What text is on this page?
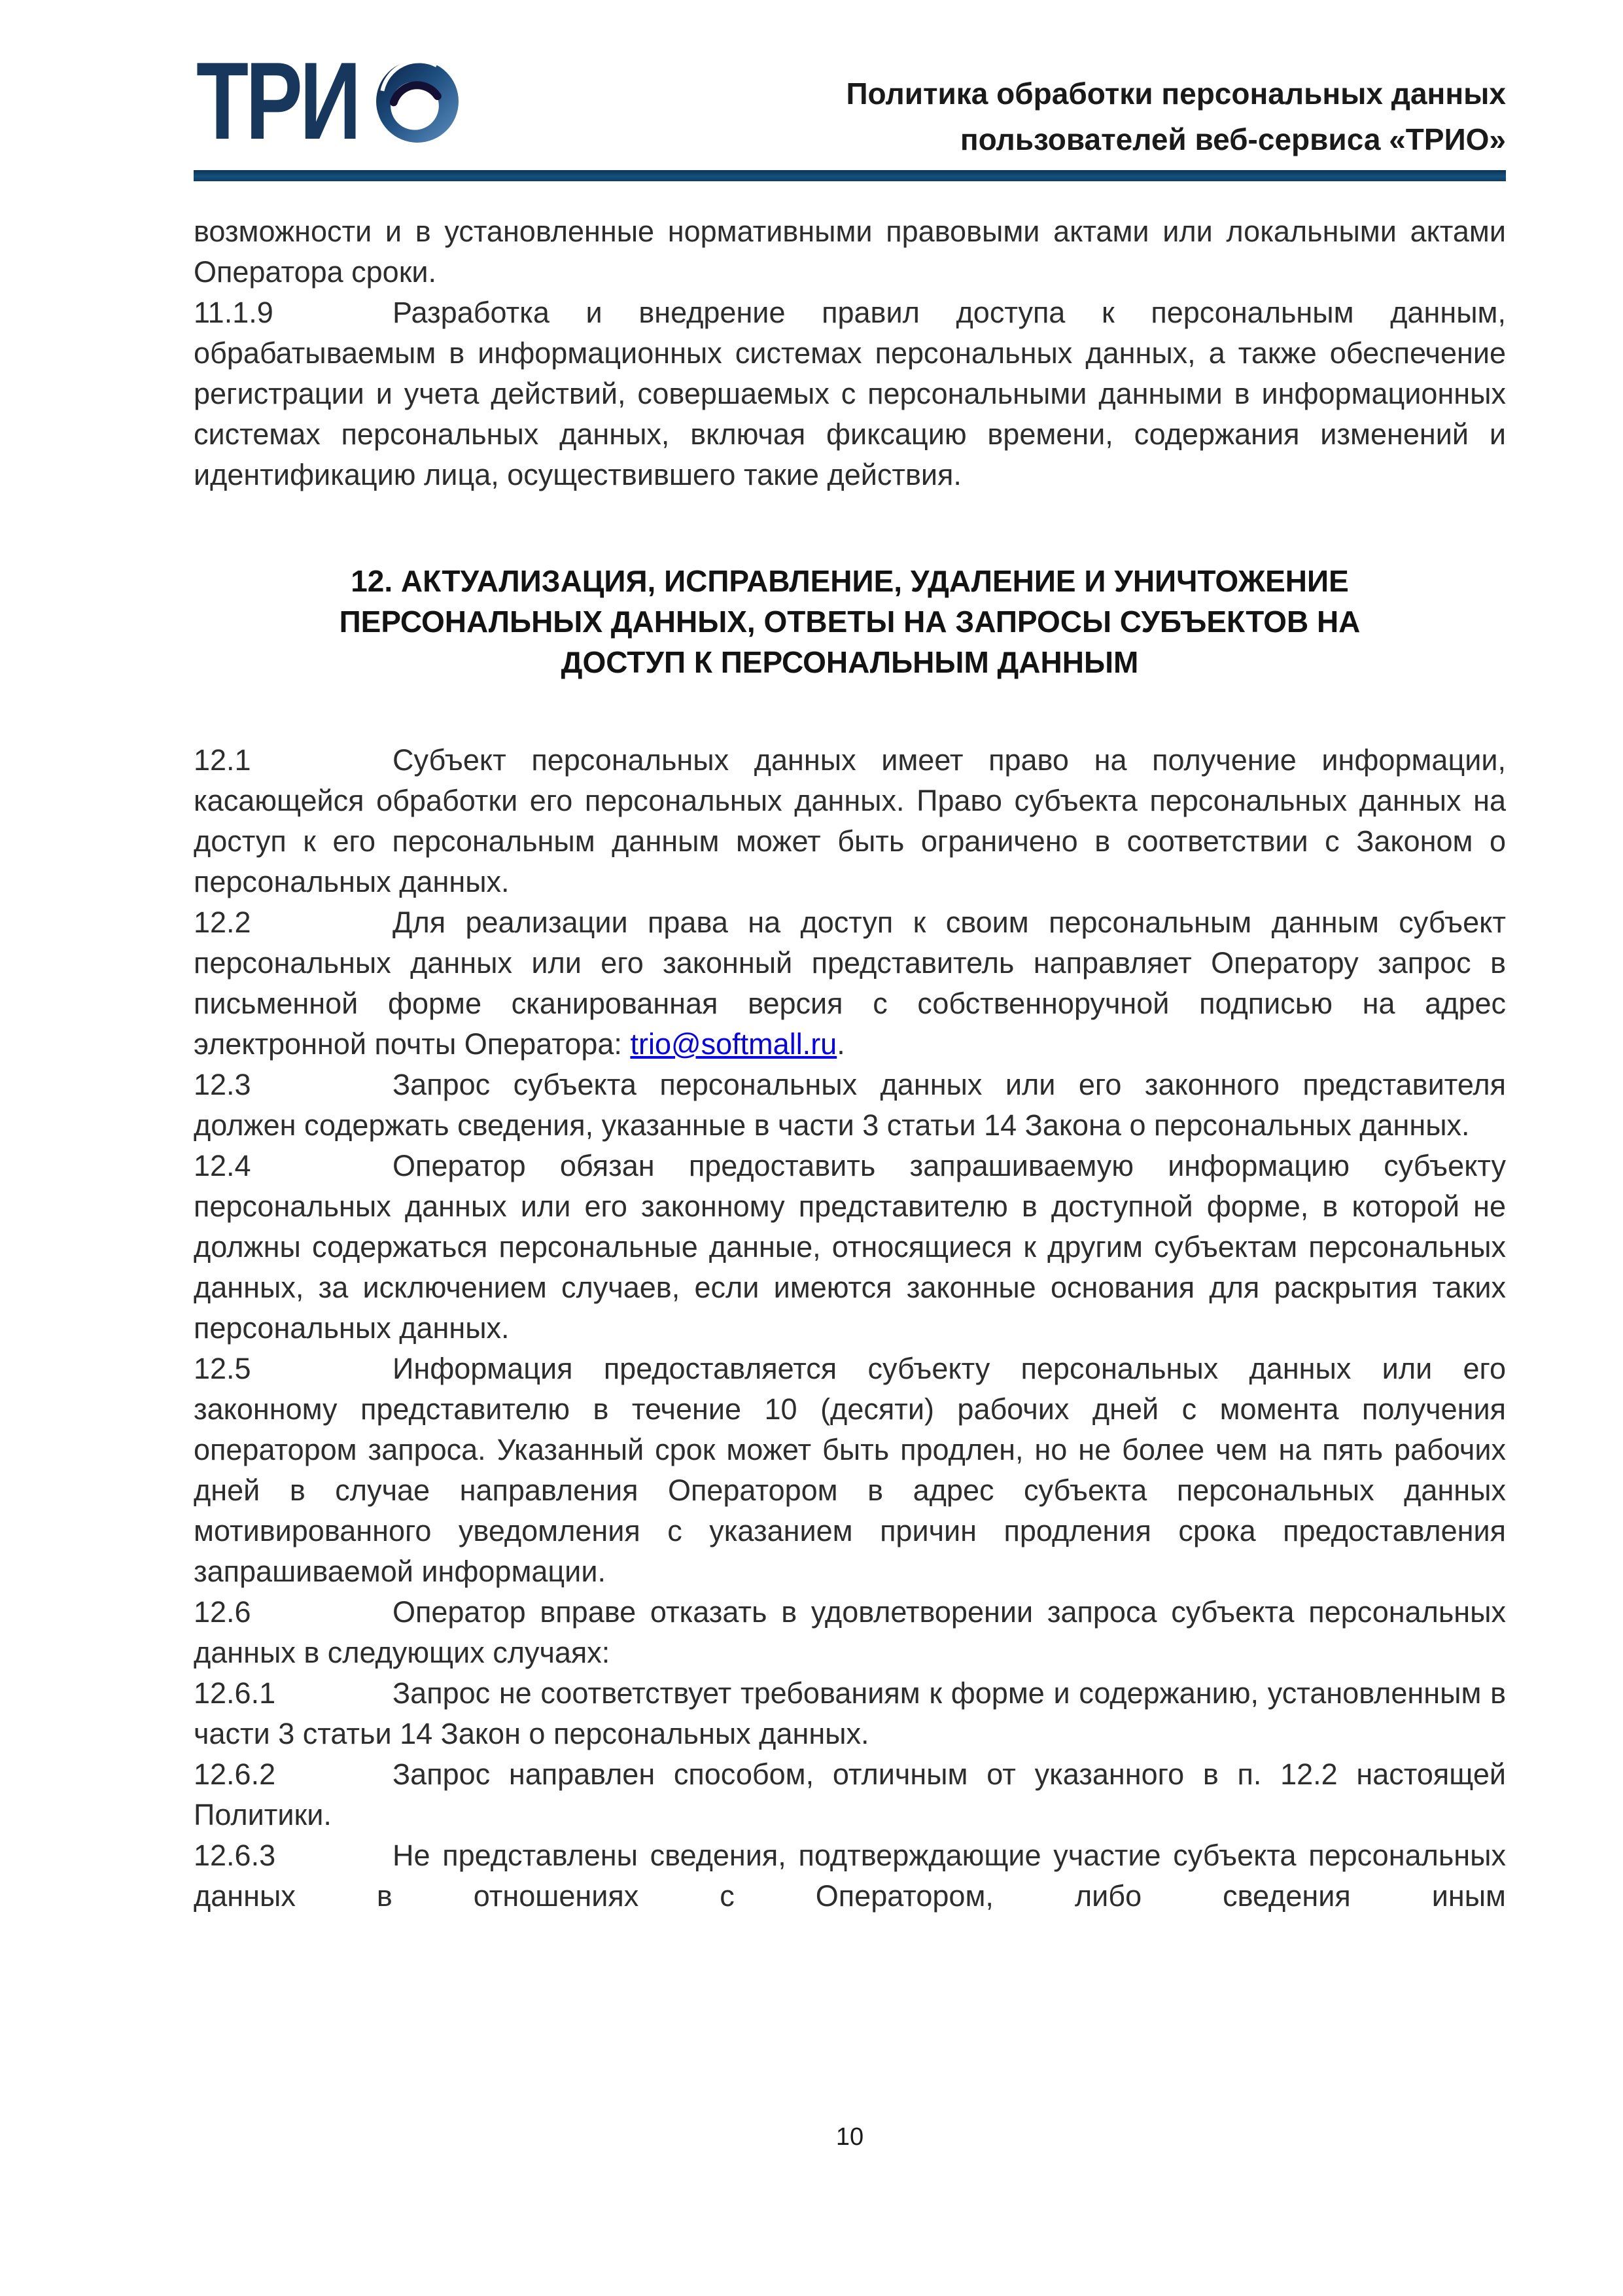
ТРИ	Политика обработки персональных данных
пользователей веб-сервиса «ТРИО»

возможности и в установленные нормативными правовыми актами или локальными актами Оператора сроки.

11.1.9	Разработка и внедрение правил доступа к персональным данным, обрабатываемым в информационных системах персональных данных, а также обеспечение регистрации и учета действий, совершаемых с персональными данными в информационных системах персональных данных, включая фиксацию времени, содержания изменений и идентификацию лица, осуществившего такие действия.

12. АКТУАЛИЗАЦИЯ, ИСПРАВЛЕНИЕ, УДАЛЕНИЕ И УНИЧТОЖЕНИЕ
ПЕРСОНАЛЬНЫХ ДАННЫХ, ОТВЕТЫ НА ЗАПРОСЫ СУБЪЕКТОВ НА
ДОСТУП К ПЕРСОНАЛЬНЫМ ДАННЫМ

12.1	Субъект персональных данных имеет право на получение информации, касающейся обработки его персональных данных. Право субъекта персональных данных на доступ к его персональным данным может быть ограничено в соответствии с Законом о персональных данных.

12.2	Для реализации права на доступ к своим персональным данным субъект персональных данных или его законный представитель направляет Оператору запрос в письменной форме сканированная версия с собственноручной подписью на адрес электронной почты Оператора: trio@softmall.ru.

12.3	Запрос субъекта персональных данных или его законного представителя должен содержать сведения, указанные в части 3 статьи 14 Закона о персональных данных.

12.4	Оператор обязан предоставить запрашиваемую информацию субъекту персональных данных или его законному представителю в доступной форме, в которой не должны содержаться персональные данные, относящиеся к другим субъектам персональных данных, за исключением случаев, если имеются законные основания для раскрытия таких персональных данных.

12.5	Информация предоставляется субъекту персональных данных или его законному представителю в течение 10 (десяти) рабочих дней с момента получения оператором запроса. Указанный срок может быть продлен, но не более чем на пять рабочих дней в случае направления Оператором в адрес субъекта персональных данных мотивированного уведомления с указанием причин продления срока предоставления запрашиваемой информации.

12.6	Оператор вправе отказать в удовлетворении запроса субъекта персональных данных в следующих случаях:

12.6.1	Запрос не соответствует требованиям к форме и содержанию, установленным в части 3 статьи 14 Закон о персональных данных.

12.6.2	Запрос направлен способом, отличным от указанного в п. 12.2 настоящей Политики.

12.6.3	Не представлены сведения, подтверждающие участие субъекта персональных данных в отношениях с Оператором, либо сведения иным

10
